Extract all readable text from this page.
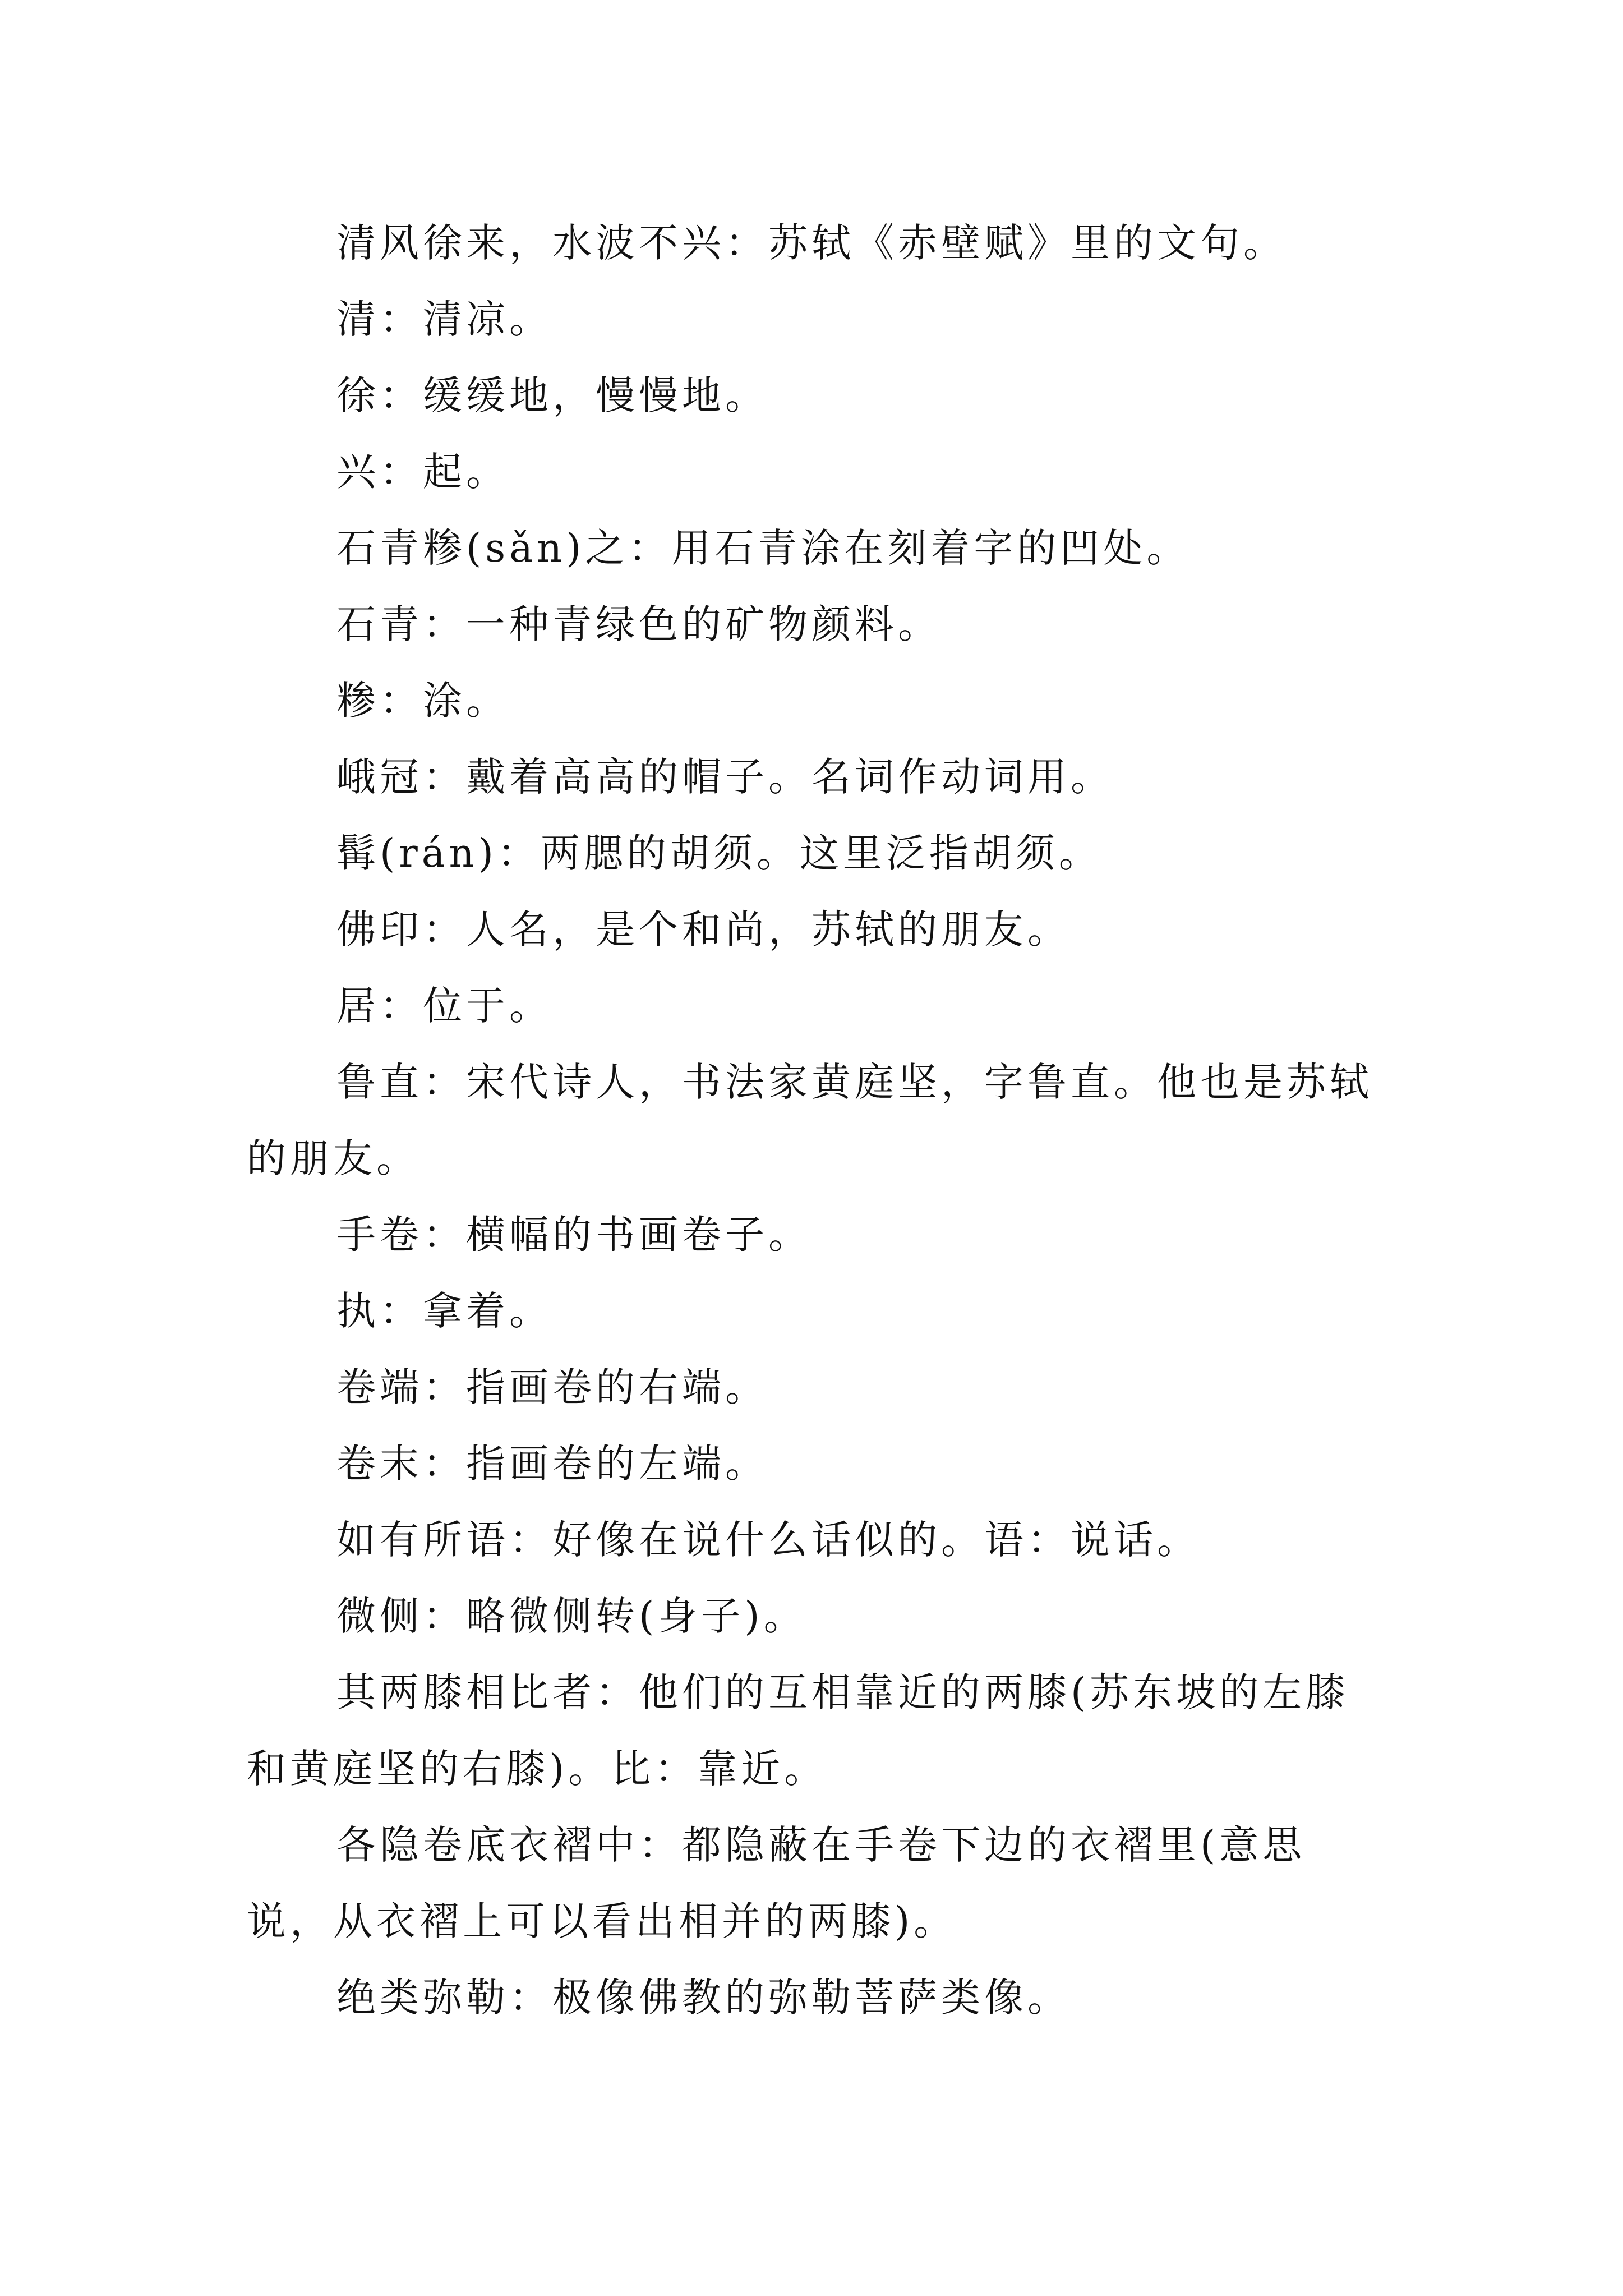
清风徐来，水波不兴：苏轼《赤壁赋》里的文句。

清：清凉。

徐：缓缓地，慢慢地。

兴：起。

石青糁(sǎn)之：用石青涂在刻着字的凹处。

石青：一种青绿色的矿物颜料。

糁：涂。

峨冠：戴着高高的帽子。名词作动词用。

髯(rán)：两腮的胡须。这里泛指胡须。

佛印：人名，是个和尚，苏轼的朋友。

居：位于。

鲁直：宋代诗人，书法家黄庭坚，字鲁直。他也是苏轼的朋友。

手卷：横幅的书画卷子。

执：拿着。

卷端：指画卷的右端。

卷末：指画卷的左端。

如有所语：好像在说什么话似的。语：说话。

微侧：略微侧转(身子)。

其两膝相比者：他们的互相靠近的两膝(苏东坡的左膝和黄庭坚的右膝)。比：靠近。

各隐卷底衣褶中：都隐蔽在手卷下边的衣褶里(意思说，从衣褶上可以看出相并的两膝)。

绝类弥勒：极像佛教的弥勒菩萨类像。
